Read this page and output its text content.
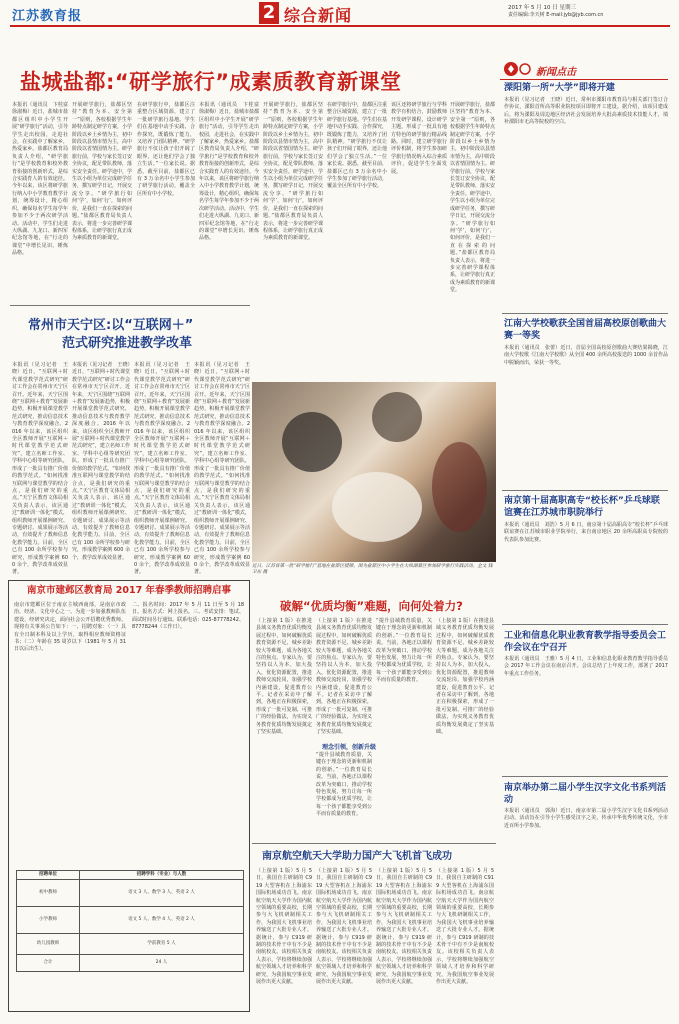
江苏教育报	2 综合新闻	2017 年 5 月 10 日 星期三
责任编辑:李天树 E-mail:jyb@jyb.com.cn
盐城盐都:“研学旅行”成素质教育新课堂
本报讯（通讯员　卞桂富　徐淑梅）近日，盐城市盐都区组织中小学生开展“研学旅行”活动，引导学生走出校园，走进社会，在实践中了解家乡，热爱家乡。盐都区教育局负责人介绍，“研学旅行”是学校教育和校外教育衔接的创新形式，是综合实践育人的有效途径。今年以来，该区将研学旅行纳入中小学教育教学计划，统筹设计，精心组织，确保每名学生每学年参加不少于两次研学活动。活动中，学生们走进大纵湖、九龙口、新四军纪念馆等地，在“行走的课堂”中增长见识、锤炼品格。
开展研学旅行，盐都区坚持“教育为本、安全第一”原则，各校根据学生年龄特点制定研学方案，小学阶段以乡土乡情为主，初中阶段以县情市情为主，高中阶段以省情国情为主。研学旅行前，学校与家长签订安全协议，配足带队教师，落实安全责任。研学途中，学生以小组为单位完成研学任务，撰写研学日记，开展交流分享。“研学旅行如何‘学’，如何‘行’，如何评价，是我们一直在探索的问题。”盐都区教育局负责人表示，将进一步完善研学课程体系，让研学旅行真正成为素质教育的新课堂。
在研学旅行中，盐都区注重整合区域资源，建立了一批研学旅行基地。学生们在基地中动手实践、合作探究，既锻炼了能力，又培养了团队精神。“研学旅行不仅让孩子们开阔了眼界，还让他们学会了独立生活。”一位家长说。据悉，截至目前，盐都区已有 3 万余名中小学生参加了研学旅行活动，覆盖全区所有中小学校。
本报讯（通讯员　卞桂富　徐淑梅）近日，盐城市盐都区组织中小学生开展“研学旅行”活动，引导学生走出校园，走进社会，在实践中了解家乡，热爱家乡。盐都区教育局负责人介绍，“研学旅行”是学校教育和校外教育衔接的创新形式，是综合实践育人的有效途径。今年以来，该区将研学旅行纳入中小学教育教学计划，统筹设计，精心组织，确保每名学生每学年参加不少于两次研学活动。活动中，学生们走进大纵湖、九龙口、新四军纪念馆等地，在“行走的课堂”中增长见识、锤炼品格。
开展研学旅行，盐都区坚持“教育为本、安全第一”原则，各校根据学生年龄特点制定研学方案，小学阶段以乡土乡情为主，初中阶段以县情市情为主，高中阶段以省情国情为主。研学旅行前，学校与家长签订安全协议，配足带队教师，落实安全责任。研学途中，学生以小组为单位完成研学任务，撰写研学日记，开展交流分享。“研学旅行如何‘学’，如何‘行’，如何评价，是我们一直在探索的问题。”盐都区教育局负责人表示，将进一步完善研学课程体系，让研学旅行真正成为素质教育的新课堂。
在研学旅行中，盐都区注重整合区域资源，建立了一批研学旅行基地。学生们在基地中动手实践、合作探究，既锻炼了能力，又培养了团队精神。“研学旅行不仅让孩子们开阔了眼界，还让他们学会了独立生活。”一位家长说。据悉，截至目前，盐都区已有 3 万余名中小学生参加了研学旅行活动，覆盖全区所有中小学校。
该区还将研学旅行与学科教学有机结合，鼓励教师开发研学课程，设计研学主题，形成了一批具有地方特色的研学旅行精品线路。同时，建立研学旅行评价机制，将学生参加研学旅行情况纳入综合素质评价，促进学生全面发展。
开展研学旅行，盐都区坚持“教育为本、安全第一”原则，各校根据学生年龄特点制定研学方案，小学阶段以乡土乡情为主，初中阶段以县情市情为主，高中阶段以省情国情为主。研学旅行前，学校与家长签订安全协议，配足带队教师，落实安全责任。研学途中，学生以小组为单位完成研学任务，撰写研学日记，开展交流分享。“研学旅行如何‘学’，如何‘行’，如何评价，是我们一直在探索的问题。”盐都区教育局负责人表示，将进一步完善研学课程体系，让研学旅行真正成为素质教育的新课堂。
常州市天宁区:以“互联网＋”
范式研究推进教学改革
本报讯（见习记者　王晓）近日，“互联网＋时代课堂教学范式研究”研讨工作会在常州市天宁区召开。近年来，天宁区围绕“互联网＋教育”发展新趋势，积极开展课堂教学范式研究，推动信息技术与教育教学深度融合。2016 年以来，该区组织全区教师开展“互联网＋时代课堂教学范式研究”，建立名师工作室、学科中心组等研究团队，形成了一批具有推广价值的教学范式。“如何找准互联网与课堂教学的结合点，是我们研究的重点。”天宁区教育文体局相关负责人表示，该区通过“教研训一体化”模式，组织教师开展课例研究、专题研讨、成果展示等活动，有效提升了教师信息化教学能力。目前，全区已有 100 余所学校参与研究，形成教学案例 600 余个，教学改革成效显著。
本报讯（见习记者　王晓）近日，“互联网＋时代课堂教学范式研究”研讨工作会在常州市天宁区召开。近年来，天宁区围绕“互联网＋教育”发展新趋势，积极开展课堂教学范式研究，推动信息技术与教育教学深度融合。2016 年以来，该区组织全区教师开展“互联网＋时代课堂教学范式研究”，建立名师工作室、学科中心组等研究团队，形成了一批具有推广价值的教学范式。“如何找准互联网与课堂教学的结合点，是我们研究的重点。”天宁区教育文体局相关负责人表示，该区通过“教研训一体化”模式，组织教师开展课例研究、专题研讨、成果展示等活动，有效提升了教师信息化教学能力。目前，全区已有 100 余所学校参与研究，形成教学案例 600 余个，教学改革成效显著。
本报讯（见习记者　王晓）近日，“互联网＋时代课堂教学范式研究”研讨工作会在常州市天宁区召开。近年来，天宁区围绕“互联网＋教育”发展新趋势，积极开展课堂教学范式研究，推动信息技术与教育教学深度融合。2016 年以来，该区组织全区教师开展“互联网＋时代课堂教学范式研究”，建立名师工作室、学科中心组等研究团队，形成了一批具有推广价值的教学范式。“如何找准互联网与课堂教学的结合点，是我们研究的重点。”天宁区教育文体局相关负责人表示，该区通过“教研训一体化”模式，组织教师开展课例研究、专题研讨、成果展示等活动，有效提升了教师信息化教学能力。目前，全区已有 100 余所学校参与研究，形成教学案例 600 余个，教学改革成效显著。
本报讯（见习记者　王晓）近日，“互联网＋时代课堂教学范式研究”研讨工作会在常州市天宁区召开。近年来，天宁区围绕“互联网＋教育”发展新趋势，积极开展课堂教学范式研究，推动信息技术与教育教学深度融合。2016 年以来，该区组织全区教师开展“互联网＋时代课堂教学范式研究”，建立名师工作室、学科中心组等研究团队，形成了一批具有推广价值的教学范式。“如何找准互联网与课堂教学的结合点，是我们研究的重点。”天宁区教育文体局相关负责人表示，该区通过“教研训一体化”模式，组织教师开展课例研究、专题研讨、成果展示等活动，有效提升了教师信息化教学能力。目前，全区已有 100 余所学校参与研究，形成教学案例 600 余个，教学改革成效显著。
近日，江苏省第一批“研学旅行”基地在盐都区授牌。图为盐都区中小学生在大纵湖景区参加研学旅行实践活动。全文 钱卫东 摄
破解“优质均衡”难题，向何处着力?
（上接第 1 版）在推进县域义务教育优质均衡发展过程中，如何破解优质教育资源不足、城乡差距较大等难题，成为各地关注的焦点。专家认为，要坚持以人为本，加大投入，优化资源配置，推进教师交流轮岗，加强学校内涵建设，促进教育公平。记者在采访中了解到，各地正在积极探索，形成了一批可复制、可推广的经验做法，为实现义务教育优质均衡发展奠定了坚实基础。
（上接第 1 版）在推进县域义务教育优质均衡发展过程中，如何破解优质教育资源不足、城乡差距较大等难题，成为各地关注的焦点。专家认为，要坚持以人为本，加大投入，优化资源配置，推进教师交流轮岗，加强学校内涵建设，促进教育公平。记者在采访中了解到，各地正在积极探索，形成了一批可复制、可推广的经验做法，为实现义务教育优质均衡发展奠定了坚实基础。
理念引领，创新升级
“提升县域教育质量，关键在于理念的更新和机制的创新。”一位教育局长说。当前，各地正以课程改革为突破口，推动学校特色发展，努力让每一所学校都成为优质学校，让每一个孩子都能享受到公平而有质量的教育。
“提升县域教育质量，关键在于理念的更新和机制的创新。”一位教育局长说。当前，各地正以课程改革为突破口，推动学校特色发展，努力让每一所学校都成为优质学校，让每一个孩子都能享受到公平而有质量的教育。
（上接第 1 版）在推进县域义务教育优质均衡发展过程中，如何破解优质教育资源不足、城乡差距较大等难题，成为各地关注的焦点。专家认为，要坚持以人为本，加大投入，优化资源配置，推进教师交流轮岗，加强学校内涵建设，促进教育公平。记者在采访中了解到，各地正在积极探索，形成了一批可复制、可推广的经验做法，为实现义务教育优质均衡发展奠定了坚实基础。
南京航空航天大学助力国产大飞机首飞成功
（上接第 1 版）5 月 5 日，我国自主研制的 C919 大型客机在上海浦东国际机场成功首飞。南京航空航天大学作为国内航空领域的重要高校，长期参与大飞机研制相关工作，为我国大飞机事业培养输送了大批专业人才。据统计，参与 C919 研制的技术骨干中有不少是南航校友。该校相关负责人表示，学校将继续加强航空领域人才培养和科学研究，为我国航空事业发展作出更大贡献。
（上接第 1 版）5 月 5 日，我国自主研制的 C919 大型客机在上海浦东国际机场成功首飞。南京航空航天大学作为国内航空领域的重要高校，长期参与大飞机研制相关工作，为我国大飞机事业培养输送了大批专业人才。据统计，参与 C919 研制的技术骨干中有不少是南航校友。该校相关负责人表示，学校将继续加强航空领域人才培养和科学研究，为我国航空事业发展作出更大贡献。
（上接第 1 版）5 月 5 日，我国自主研制的 C919 大型客机在上海浦东国际机场成功首飞。南京航空航天大学作为国内航空领域的重要高校，长期参与大飞机研制相关工作，为我国大飞机事业培养输送了大批专业人才。据统计，参与 C919 研制的技术骨干中有不少是南航校友。该校相关负责人表示，学校将继续加强航空领域人才培养和科学研究，为我国航空事业发展作出更大贡献。
（上接第 1 版）5 月 5 日，我国自主研制的 C919 大型客机在上海浦东国际机场成功首飞。南京航空航天大学作为国内航空领域的重要高校，长期参与大飞机研制相关工作，为我国大飞机事业培养输送了大批专业人才。据统计，参与 C919 研制的技术骨干中有不少是南航校友。该校相关负责人表示，学校将继续加强航空领域人才培养和科学研究，为我国航空事业发展作出更大贡献。
南京市建邺区教育局 2017 年春季教师招聘启事
南京市建邺区位于南京主城西南部，是南京市政治、经济、文化中心之一。为进一步加强教师队伍建设，经研究决定，面向社会公开招聘优秀教师。现将有关事项公告如下：一、招聘对象：（一）具有全日制本科及以上学历，取得相应教师资格证书；（二）年龄在 35 周岁以下（1981 年 5 月 31 日以后出生）。
二、报名时间：2017 年 5 月 11 日至 5 月 18 日。报名方式：网上报名。三、考试安排：笔试、面试时间另行通知。联系电话：025-87778242、87778244（工作日）。
招聘单位	招聘学科（专业）与人数
初中教师	语文 3 人、数学 3 人、英语 2 人
小学教师	语文 5 人、数学 4 人、英语 2 人
幼儿园教师	学前教育 5 人
合计	24 人
新闻点击
溧阳第一所“大学”即将开建
本报讯（见习记者　王晓）近日，常州市溧阳市教育局与相关部门签订合作协议，溧阳首所高等职业院校项目即将开工建设。据介绍，该项目建成后，将为溧阳及周边地区经济社会发展培养大批高素质技术技能人才，填补溧阳市无高等院校的空白。
江南大学校歌获全国首届高校原创歌曲大赛一等奖
本报讯（通讯员　张蕾）近日，首届全国高校原创歌曲大赛结果揭晓，江南大学校歌《江南大学校歌》从全国 400 余所高校报送的 1000 余首作品中脱颖而出，荣获一等奖。
南京第十届高职高专“校长杯”乒乓球联谊赛在江苏城市职院举行
本报讯（通讯员　刘浩）5 月 6 日，南京第十届高职高专“校长杯”乒乓球联谊赛在江苏城市职业学院举行，来自南京地区 20 余所高职高专院校的代表队参加比赛。
工业和信息化职业教育教学指导委员会工作会议在宁召开
本报讯（通讯员　王雅）5 月 4 日，工业和信息化职业教育教学指导委员会 2017 年工作会议在南京召开。会议总结了上年度工作，部署了 2017 年重点工作任务。
南京举办第二届小学生汉字文化书系列活动
本报讯（通讯员　郭海）近日，南京市第二届小学生汉字文化书系列活动启动。活动旨在引导小学生感受汉字之美，传承中华优秀传统文化，全市近百所小学参加。
